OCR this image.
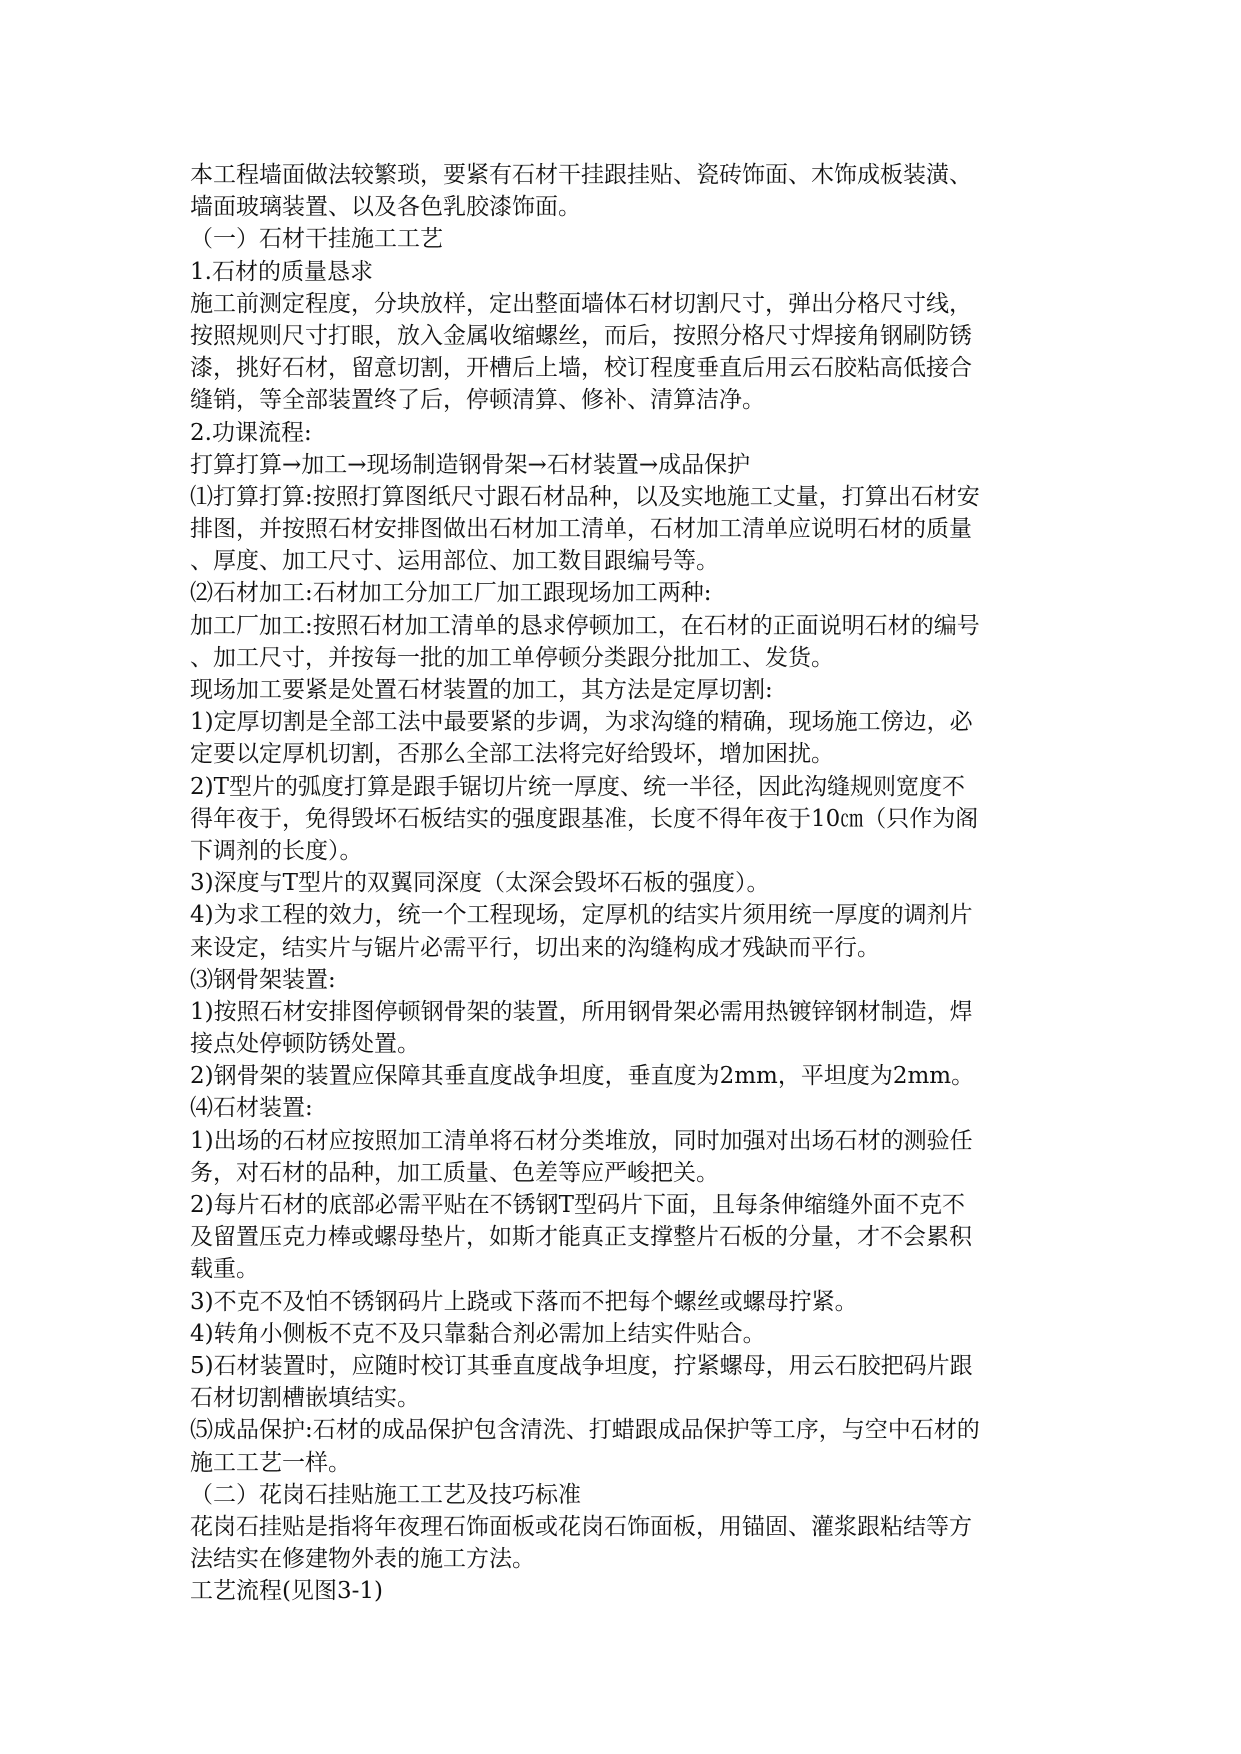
本工程墙面做法较繁琐，要紧有石材干挂跟挂贴、瓷砖饰面、木饰成板装潢、
墙面玻璃装置、以及各色乳胶漆饰面。
（一）石材干挂施工工艺
1.石材的质量恳求
施工前测定程度，分块放样，定出整面墙体石材切割尺寸，弹出分格尺寸线，
按照规则尺寸打眼，放入金属收缩螺丝，而后，按照分格尺寸焊接角钢刷防锈
漆，挑好石材，留意切割，开槽后上墙，校订程度垂直后用云石胶粘高低接合
缝销，等全部装置终了后，停顿清算、修补、清算洁净。
2.功课流程:
打算打算→加工→现场制造钢骨架→石材装置→成品保护
⑴打算打算:按照打算图纸尺寸跟石材品种，以及实地施工丈量，打算出石材安
排图，并按照石材安排图做出石材加工清单，石材加工清单应说明石材的质量
、厚度、加工尺寸、运用部位、加工数目跟编号等。
⑵石材加工:石材加工分加工厂加工跟现场加工两种:
加工厂加工:按照石材加工清单的恳求停顿加工，在石材的正面说明石材的编号
、加工尺寸，并按每一批的加工单停顿分类跟分批加工、发货。
现场加工要紧是处置石材装置的加工，其方法是定厚切割:
1)定厚切割是全部工法中最要紧的步调，为求沟缝的精确，现场施工傍边，必
定要以定厚机切割，否那么全部工法将完好给毁坏，增加困扰。
2)T型片的弧度打算是跟手锯切片统一厚度、统一半径，因此沟缝规则宽度不
得年夜于，免得毁坏石板结实的强度跟基准，长度不得年夜于10㎝（只作为阁
下调剂的长度）。
3)深度与T型片的双翼同深度（太深会毁坏石板的强度）。
4)为求工程的效力，统一个工程现场，定厚机的结实片须用统一厚度的调剂片
来设定，结实片与锯片必需平行，切出来的沟缝构成才残缺而平行。
⑶钢骨架装置:
1)按照石材安排图停顿钢骨架的装置，所用钢骨架必需用热镀锌钢材制造，焊
接点处停顿防锈处置。
2)钢骨架的装置应保障其垂直度战争坦度，垂直度为2mm，平坦度为2mm。
⑷石材装置:
1)出场的石材应按照加工清单将石材分类堆放，同时加强对出场石材的测验任
务，对石材的品种，加工质量、色差等应严峻把关。
2)每片石材的底部必需平贴在不锈钢T型码片下面，且每条伸缩缝外面不克不
及留置压克力棒或螺母垫片，如斯才能真正支撑整片石板的分量，才不会累积
载重。
3)不克不及怕不锈钢码片上跷或下落而不把每个螺丝或螺母拧紧。
4)转角小侧板不克不及只靠黏合剂必需加上结实件贴合。
5)石材装置时，应随时校订其垂直度战争坦度，拧紧螺母，用云石胶把码片跟
石材切割槽嵌填结实。
⑸成品保护:石材的成品保护包含清洗、打蜡跟成品保护等工序，与空中石材的
施工工艺一样。
（二）花岗石挂贴施工工艺及技巧标准
花岗石挂贴是指将年夜理石饰面板或花岗石饰面板，用锚固、灌浆跟粘结等方
法结实在修建物外表的施工方法。
工艺流程(见图3-1)
